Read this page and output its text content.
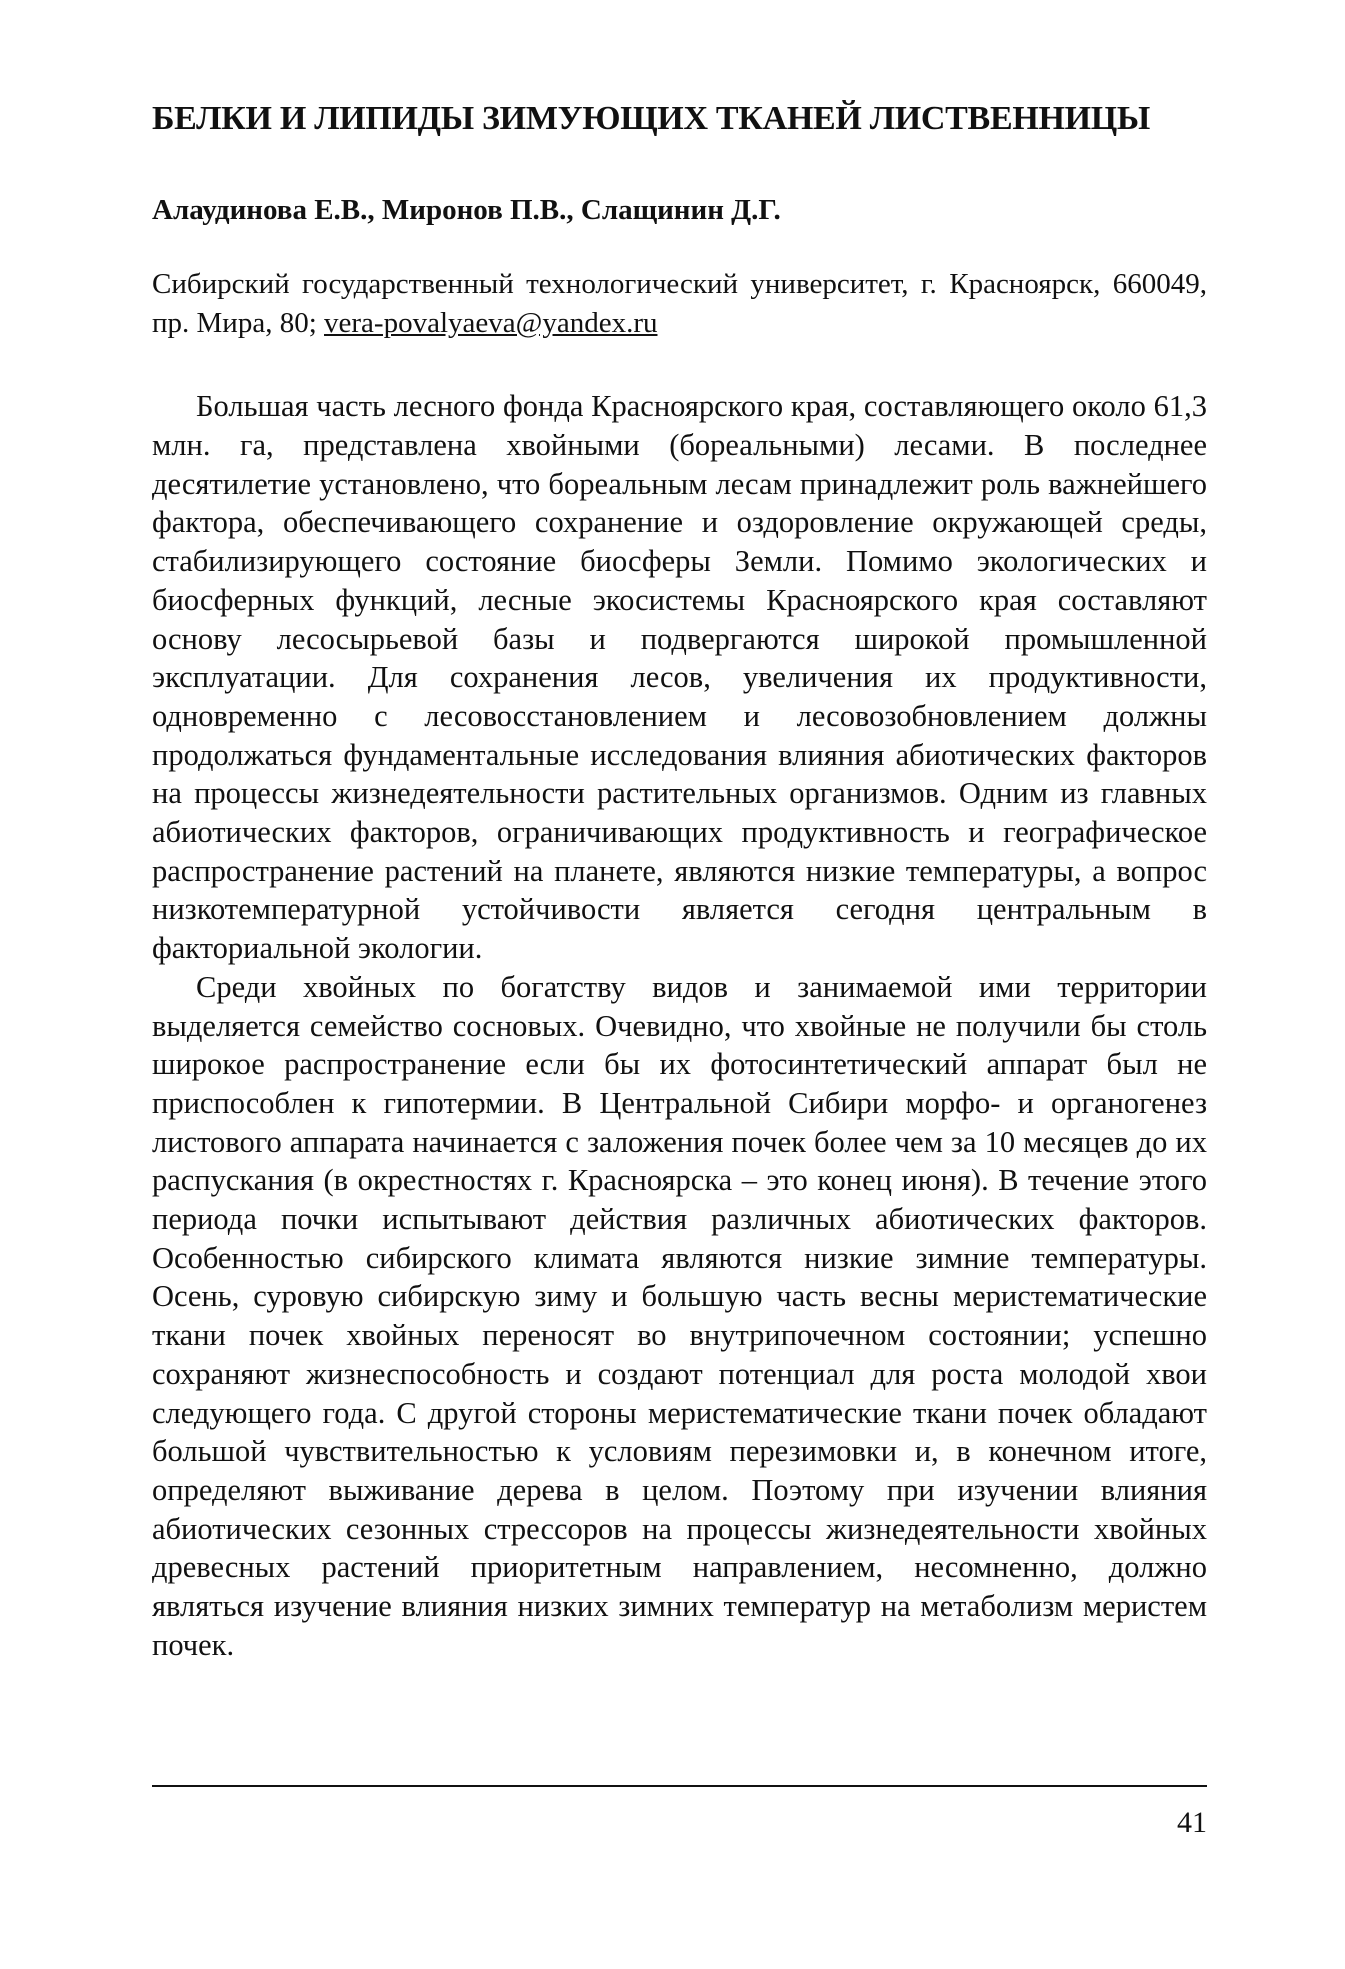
БЕЛКИ И ЛИПИДЫ ЗИМУЮЩИХ ТКАНЕЙ ЛИСТВЕННИЦЫ
Алаудинова Е.В., Миронов П.В., Слащинин Д.Г.
Сибирский государственный технологический университет, г. Красноярск, 660049, пр. Мира, 80; vera-povalyaeva@yandex.ru

Большая часть лесного фонда Красноярского края, составляющего около 61,3 млн. га, представлена хвойными (бореальными) лесами. В последнее десятилетие установлено, что бореальным лесам принадлежит роль важнейшего фактора, обеспечивающего сохранение и оздоровление окружающей среды, стабилизирующего состояние биосферы Земли. Помимо экологических и биосферных функций, лесные экосистемы Красноярского края составляют основу лесосырьевой базы и подвергаются широкой промышленной эксплуатации. Для сохранения лесов, увеличения их продуктивности, одновременно с лесовосстановлением и лесовозобновлением должны продолжаться фундаментальные исследования влияния абиотических факторов на процессы жизнедеятельности растительных организмов. Одним из главных абиотических факторов, ограничивающих продуктивность и географическое распространение растений на планете, являются низкие температуры, а вопрос низкотемпературной устойчивости является сегодня центральным в факториальной экологии.

Среди хвойных по богатству видов и занимаемой ими территории выделяется семейство сосновых. Очевидно, что хвойные не получили бы столь широкое распространение если бы их фотосинтетический аппарат был не приспособлен к гипотермии. В Центральной Сибири морфо- и органогенез листового аппарата начинается с заложения почек более чем за 10 месяцев до их распускания (в окрестностях г. Красноярска – это конец июня). В течение этого периода почки испытывают действия различных абиотических факторов. Особенностью сибирского климата являются низкие зимние температуры. Осень, суровую сибирскую зиму и большую часть весны меристематические ткани почек хвойных переносят во внутрипочечном состоянии; успешно сохраняют жизнеспособность и создают потенциал для роста молодой хвои следующего года. С другой стороны меристематические ткани почек обладают большой чувствительностью к условиям перезимовки и, в конечном итоге, определяют выживание дерева в целом. Поэтому при изучении влияния абиотических сезонных стрессоров на процессы жизнедеятельности хвойных древесных растений приоритетным направлением, несомненно, должно являться изучение влияния низких зимних температур на метаболизм меристем почек.

41
